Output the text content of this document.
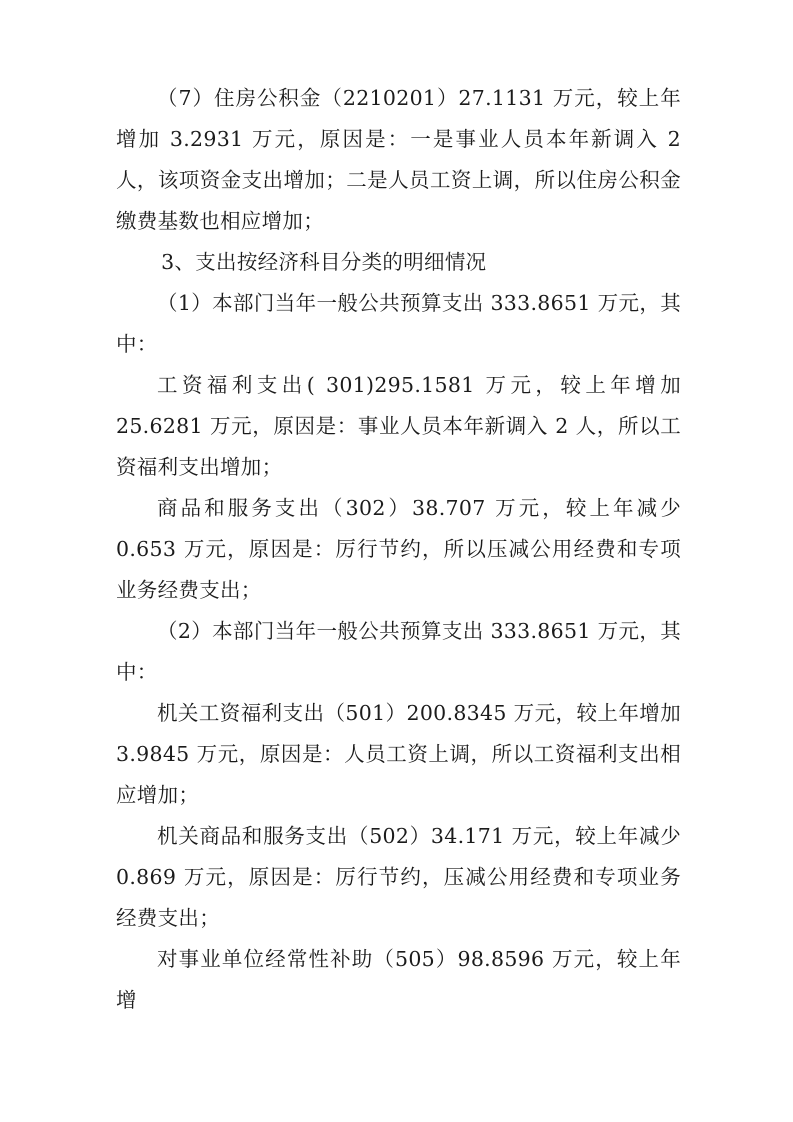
（7）住房公积金（2210201）27.1131 万元，较上年增加 3.2931 万元，原因是：一是事业人员本年新调入 2 人，该项资金支出增加；二是人员工资上调，所以住房公积金缴费基数也相应增加；

3、支出按经济科目分类的明细情况

（1）本部门当年一般公共预算支出 333.8651 万元，其中：

工资福利支出( 301)295.1581 万元，较上年增加 25.6281 万元，原因是：事业人员本年新调入 2 人，所以工资福利支出增加；

商品和服务支出（302）38.707 万元，较上年减少 0.653 万元，原因是：厉行节约，所以压减公用经费和专项业务经费支出；

（2）本部门当年一般公共预算支出 333.8651 万元，其中：

机关工资福利支出（501）200.8345 万元，较上年增加 3.9845 万元，原因是：人员工资上调，所以工资福利支出相应增加；

机关商品和服务支出（502）34.171 万元，较上年减少 0.869 万元，原因是：厉行节约，压减公用经费和专项业务经费支出；

对事业单位经常性补助（505）98.8596 万元，较上年增
